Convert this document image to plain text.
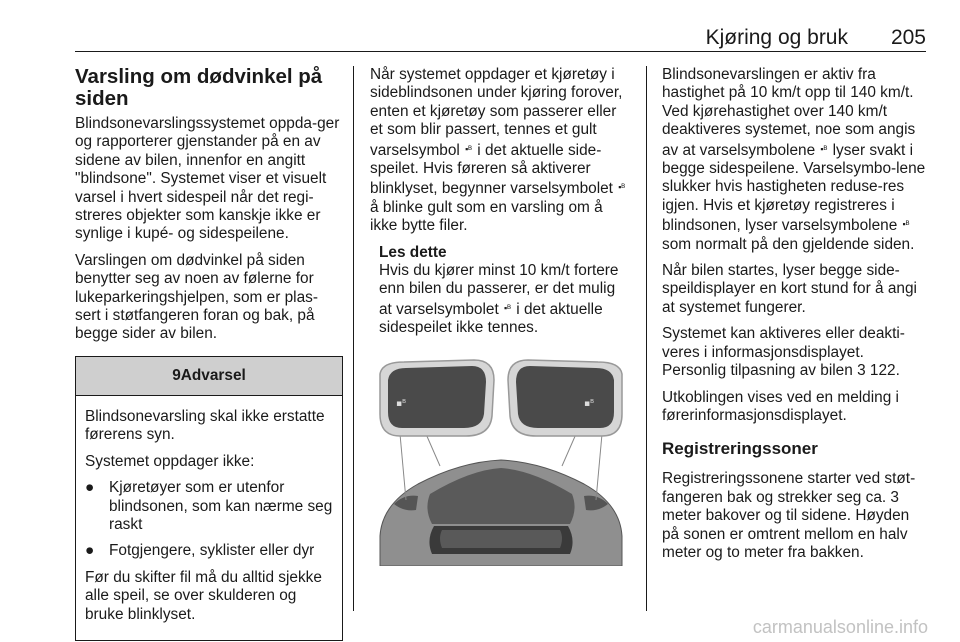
Kjøring og bruk 205
Varsling om dødvinkel på siden

Blindsonevarslingssystemet oppda-ger og rapporterer gjenstander på en av sidene av bilen, innenfor en angitt "blindsone". Systemet viser et visuelt varsel i hvert sidespeil når det regi-streres objekter som kanskje ikke er synlige i kupé- og sidespeilene.

Varslingen om dødvinkel på siden benytter seg av noen av følerne for lukeparkeringshjelpen, som er plas-sert i støtfangeren foran og bak, på begge sider av bilen.

9Advarsel

Blindsonevarsling skal ikke erstatte førerens syn.

Systemet oppdager ikke:

● Kjøretøyer som er utenfor blindsonen, som kan nærme seg raskt
● Fotgjengere, syklister eller dyr

Før du skifter fil må du alltid sjekke alle speil, se over skulderen og bruke blinklyset.

Når systemet oppdager et kjøretøy i sideblindsonen under kjøring forover, enten et kjøretøy som passerer eller et som blir passert, tennes et gult varselsymbol ▪ᴮ i det aktuelle side-speilet. Hvis føreren så aktiverer blinklyset, begynner varselsymbolet ▪ᴮ å blinke gult som en varsling om å ikke bytte filer.

Les dette
Hvis du kjører minst 10 km/t fortere enn bilen du passerer, er det mulig at varselsymbolet ▪ᴮ i det aktuelle sidespeilet ikke tennes.
▪ᴮ	▪ᴮ

Blindsonevarslingen er aktiv fra hastighet på 10 km/t opp til 140 km/t. Ved kjørehastighet over 140 km/t deaktiveres systemet, noe som angis av at varselsymbolene ▪ᴮ lyser svakt i begge sidespeilene. Varselsymbo-lene slukker hvis hastigheten reduse-res igjen. Hvis et kjøretøy registreres i blindsonen, lyser varselsymbolene ▪ᴮ som normalt på den gjeldende siden.

Når bilen startes, lyser begge side-speildisplayer en kort stund for å angi at systemet fungerer.

Systemet kan aktiveres eller deakti-veres i informasjonsdisplayet. Personlig tilpasning av bilen 3 122.

Utkoblingen vises ved en melding i førerinformasjonsdisplayet.

Registreringssoner

Registreringssonene starter ved støt-fangeren bak og strekker seg ca. 3 meter bakover og til sidene. Høyden på sonen er omtrent mellom en halv meter og to meter fra bakken.

carmanualsonline.info
